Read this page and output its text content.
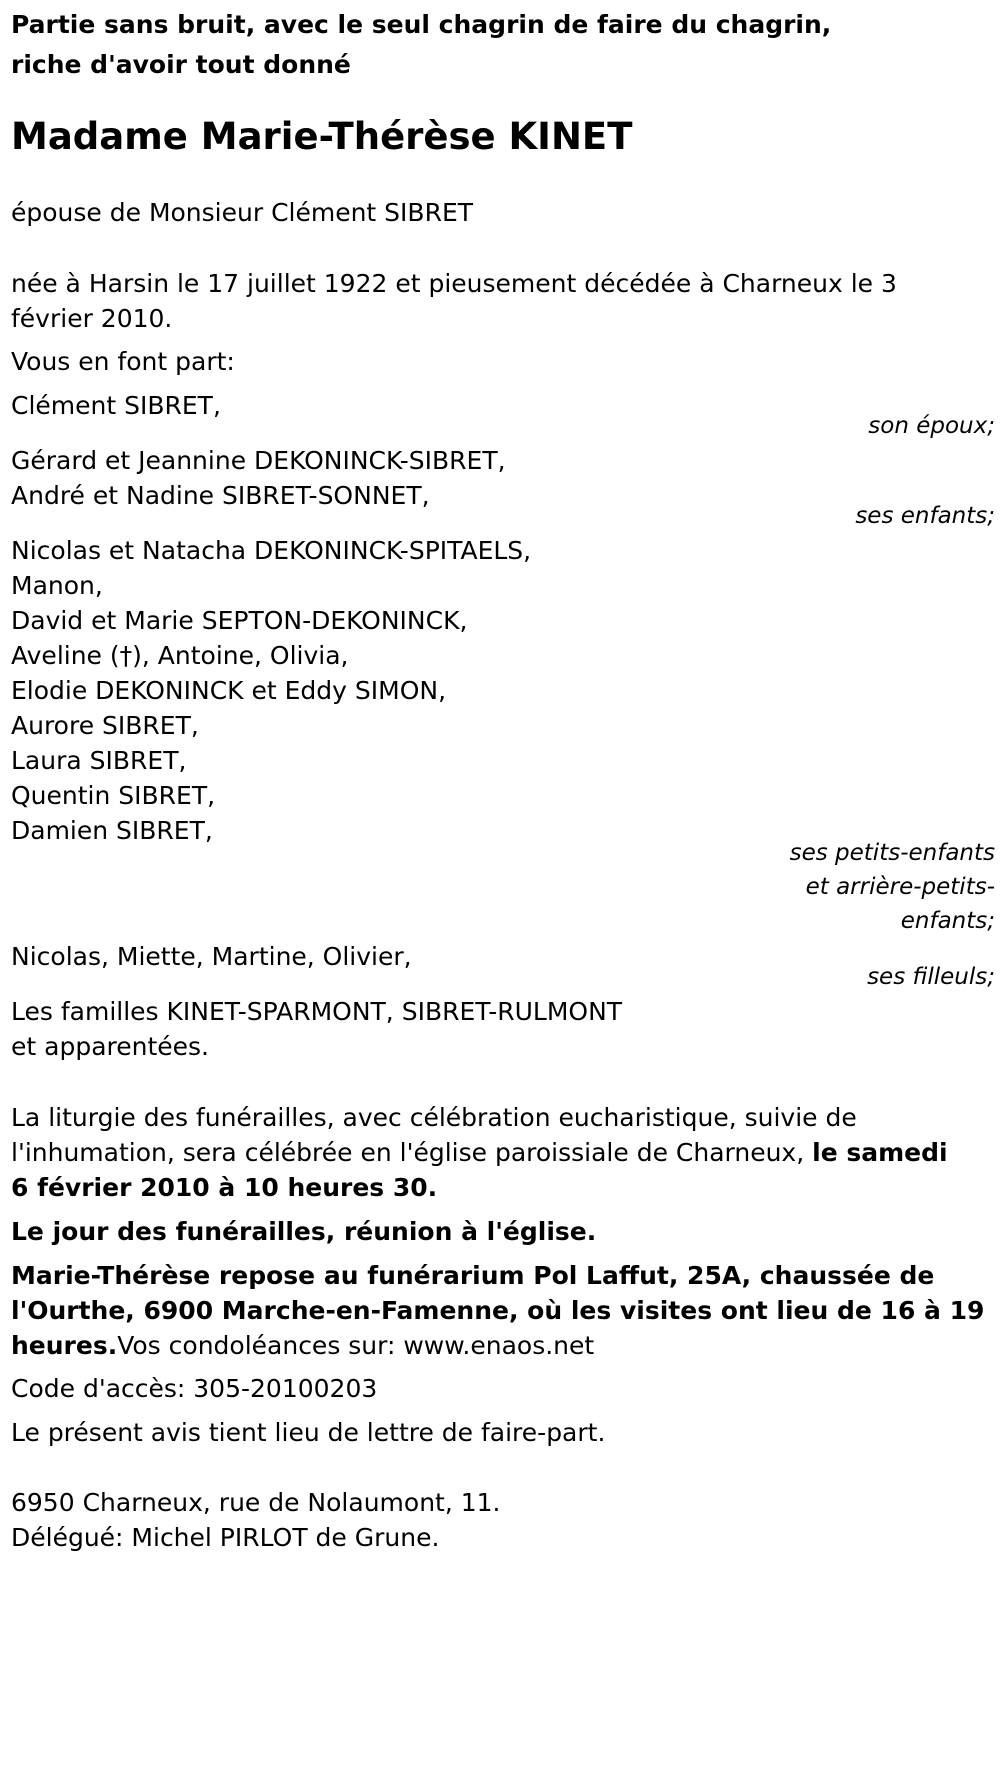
Partie sans bruit, avec le seul chagrin de faire du chagrin,
riche d'avoir tout donné
Madame Marie-Thérèse KINET
épouse de Monsieur Clément SIBRET
née à Harsin le 17 juillet 1922 et pieusement décédée à Charneux le 3
février 2010.
Vous en font part:
Clément SIBRET,
son époux;
Gérard et Jeannine DEKONINCK-SIBRET,
André et Nadine SIBRET-SONNET,
ses enfants;
Nicolas et Natacha DEKONINCK-SPITAELS,
Manon,
David et Marie SEPTON-DEKONINCK,
Aveline (†), Antoine, Olivia,
Elodie DEKONINCK et Eddy SIMON,
Aurore SIBRET,
Laura SIBRET,
Quentin SIBRET,
Damien SIBRET,
ses petits-enfants
et arrière-petits-
enfants;
Nicolas, Miette, Martine, Olivier,
ses filleuls;
Les familles KINET-SPARMONT, SIBRET-RULMONT
et apparentées.
La liturgie des funérailles, avec célébration eucharistique, suivie de
l'inhumation, sera célébrée en l'église paroissiale de Charneux, le samedi
6 février 2010 à 10 heures 30.
Le jour des funérailles, réunion à l'église.
Marie-Thérèse repose au funérarium Pol Laffut, 25A, chaussée de
l'Ourthe, 6900 Marche-en-Famenne, où les visites ont lieu de 16 à 19
heures.Vos condoléances sur: www.enaos.net
Code d'accès: 305-20100203
Le présent avis tient lieu de lettre de faire-part.
6950 Charneux, rue de Nolaumont, 11.
Délégué: Michel PIRLOT de Grune.
